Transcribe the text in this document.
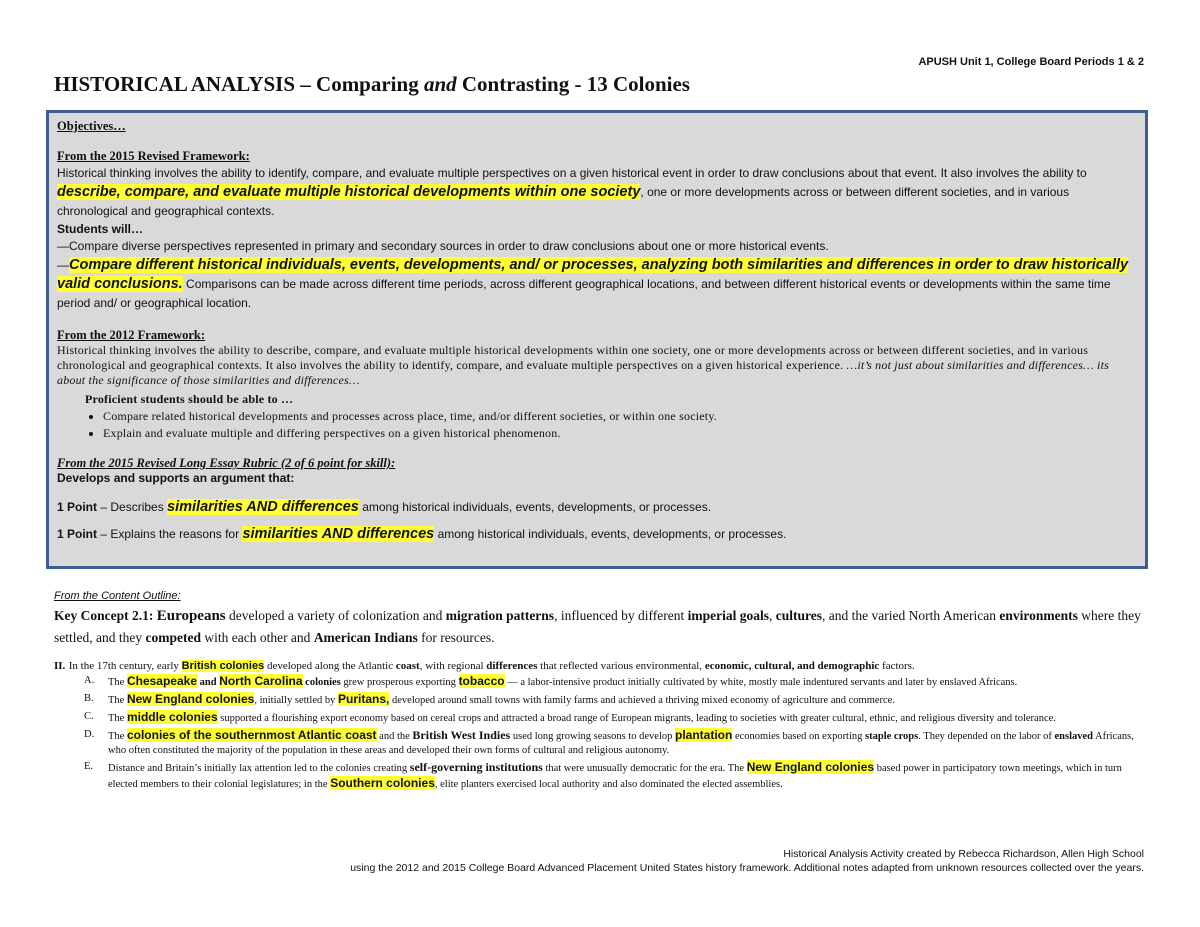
APUSH Unit 1, College Board Periods 1 & 2
HISTORICAL ANALYSIS – Comparing and Contrasting - 13 Colonies

Objectives…

From the 2015 Revised Framework:

Historical thinking involves the ability to identify, compare, and evaluate multiple perspectives on a given historical event in order to draw conclusions about that event. It also involves the ability to
describe, compare, and evaluate multiple historical developments within one society, one or more developments across or between different societies, and in various chronological and geographical contexts.

Students will…

—Compare diverse perspectives represented in primary and secondary sources in order to draw conclusions about one or more historical events.

—Compare different historical individuals, events, developments, and/ or processes, analyzing both similarities and differences in order to draw historically valid conclusions. Comparisons can be made across different time periods, across different geographical locations, and between different historical events or developments within the same time period and/ or geographical location.

From the 2012 Framework:

Historical thinking involves the ability to describe, compare, and evaluate multiple historical developments within one society, one or more developments across or between different societies, and in various chronological and geographical contexts. It also involves the ability to identify, compare, and evaluate multiple perspectives on a given historical experience. …it’s not just about similarities and differences… its about the significance of those similarities and differences…

Proficient students should be able to …

• Compare related historical developments and processes across place, time, and/or different societies, or within one society.
• Explain and evaluate multiple and differing perspectives on a given historical phenomenon.

From the 2015 Revised Long Essay Rubric (2 of 6 point for skill):

Develops and supports an argument that:

1 Point – Describes similarities AND differences among historical individuals, events, developments, or processes.

1 Point – Explains the reasons for similarities AND differences among historical individuals, events, developments, or processes.

From the Content Outline:
Key Concept 2.1: Europeans developed a variety of colonization and migration patterns, influenced by different imperial goals, cultures, and the varied North American environments where they settled, and they competed with each other and American Indians for resources.
II. In the 17th century, early British colonies developed along the Atlantic coast, with regional differences that reflected various environmental, economic, cultural, and demographic factors.
A. The Chesapeake and North Carolina colonies grew prosperous exporting tobacco — a labor-intensive product initially cultivated by white, mostly male indentured servants and later by enslaved Africans.
B. The New England colonies, initially settled by Puritans, developed around small towns with family farms and achieved a thriving mixed economy of agriculture and commerce.
C. The middle colonies supported a flourishing export economy based on cereal crops and attracted a broad range of European migrants, leading to societies with greater cultural, ethnic, and religious diversity and tolerance.
D. The colonies of the southernmost Atlantic coast and the British West Indies used long growing seasons to develop plantation economies based on exporting staple crops. They depended on the labor of enslaved Africans, who often constituted the majority of the population in these areas and developed their own forms of cultural and religious autonomy.
E. Distance and Britain’s initially lax attention led to the colonies creating self-governing institutions that were unusually democratic for the era. The New England colonies based power in participatory town meetings, which in turn elected members to their colonial legislatures; in the Southern colonies, elite planters exercised local authority and also dominated the elected assemblies.
Historical Analysis Activity created by Rebecca Richardson, Allen High School
using the 2012 and 2015 College Board Advanced Placement United States history framework. Additional notes adapted from unknown resources collected over the years.
